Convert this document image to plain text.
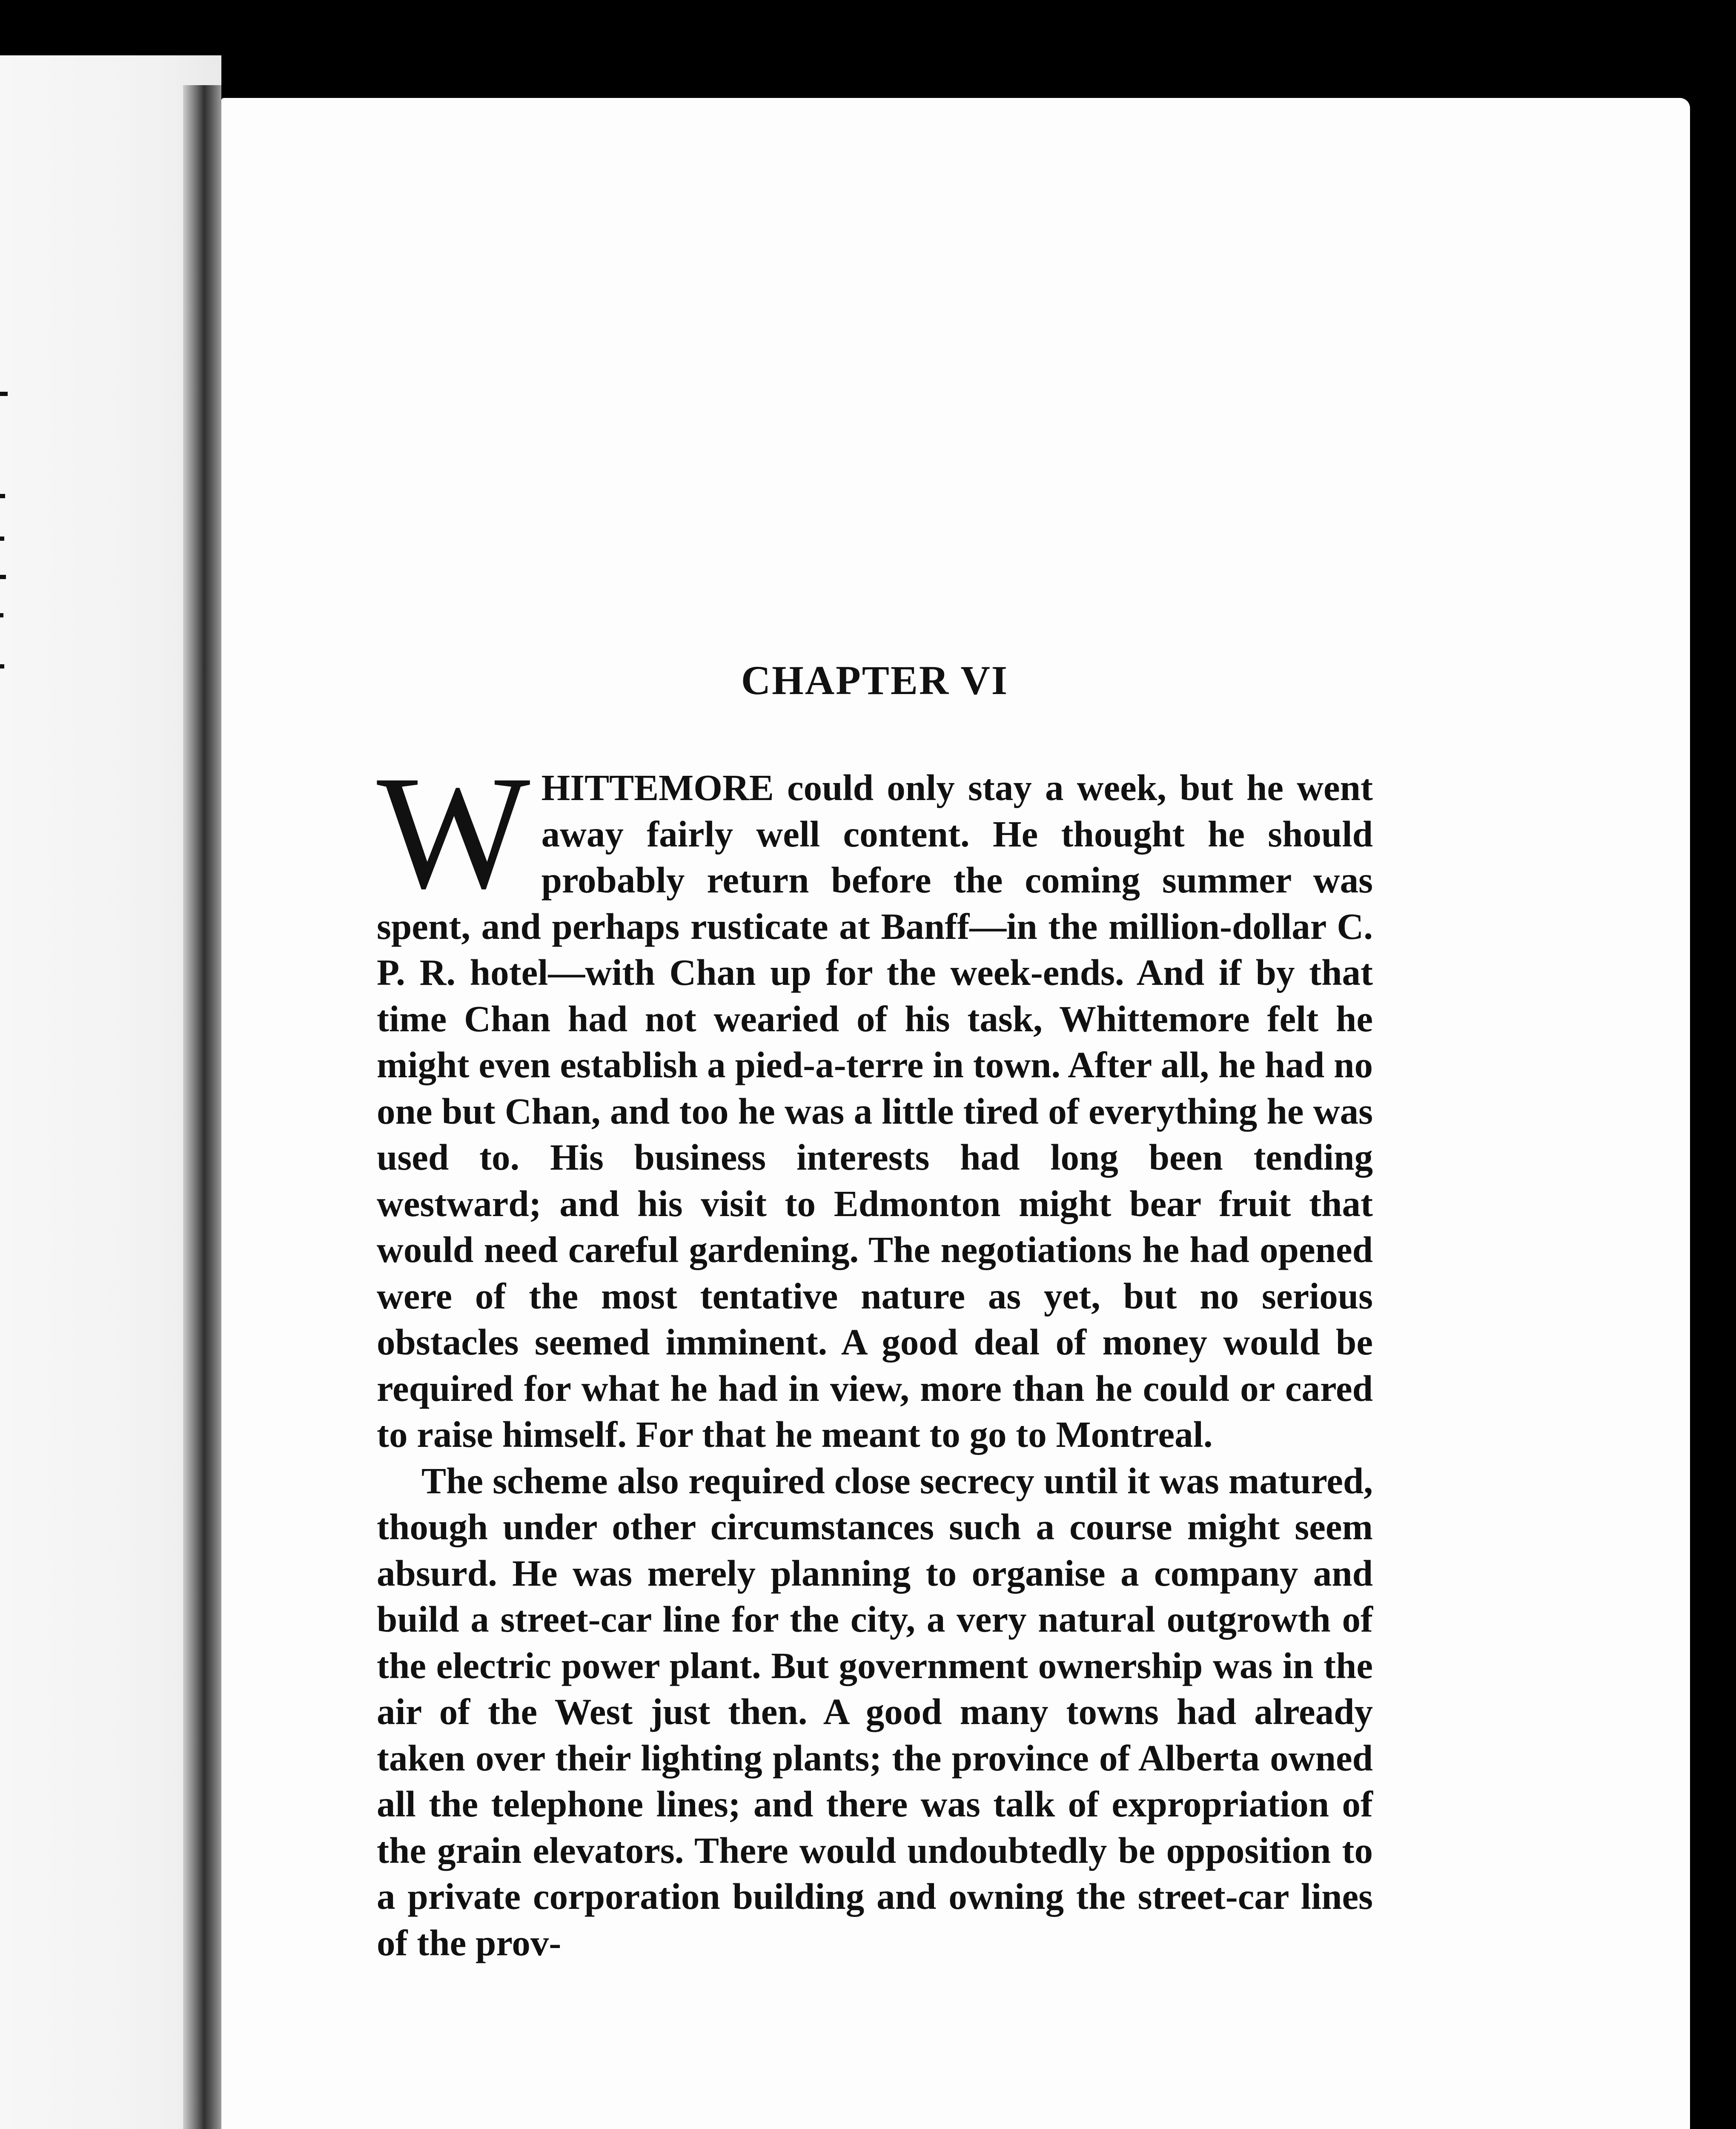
CHAPTER VI

WHITTEMORE could only stay a week, but he went away fairly well content. He thought he should probably return before the coming summer was spent, and perhaps rusticate at Banff—in the million-dollar C. P. R. hotel—with Chan up for the week-ends. And if by that time Chan had not wearied of his task, Whittemore felt he might even establish a pied-a-terre in town. After all, he had no one but Chan, and too he was a little tired of everything he was used to. His business interests had long been tending westward; and his visit to Edmonton might bear fruit that would need careful gardening. The negotiations he had opened were of the most tentative nature as yet, but no serious obstacles seemed imminent. A good deal of money would be required for what he had in view, more than he could or cared to raise himself. For that he meant to go to Montreal.

The scheme also required close secrecy until it was matured, though under other circumstances such a course might seem absurd. He was merely planning to organise a company and build a street-car line for the city, a very natural outgrowth of the electric power plant. But government ownership was in the air of the West just then. A good many towns had already taken over their lighting plants; the province of Alberta owned all the telephone lines; and there was talk of expropriation of the grain elevators. There would undoubtedly be opposition to a private corporation building and owning the street-car lines of the prov-
